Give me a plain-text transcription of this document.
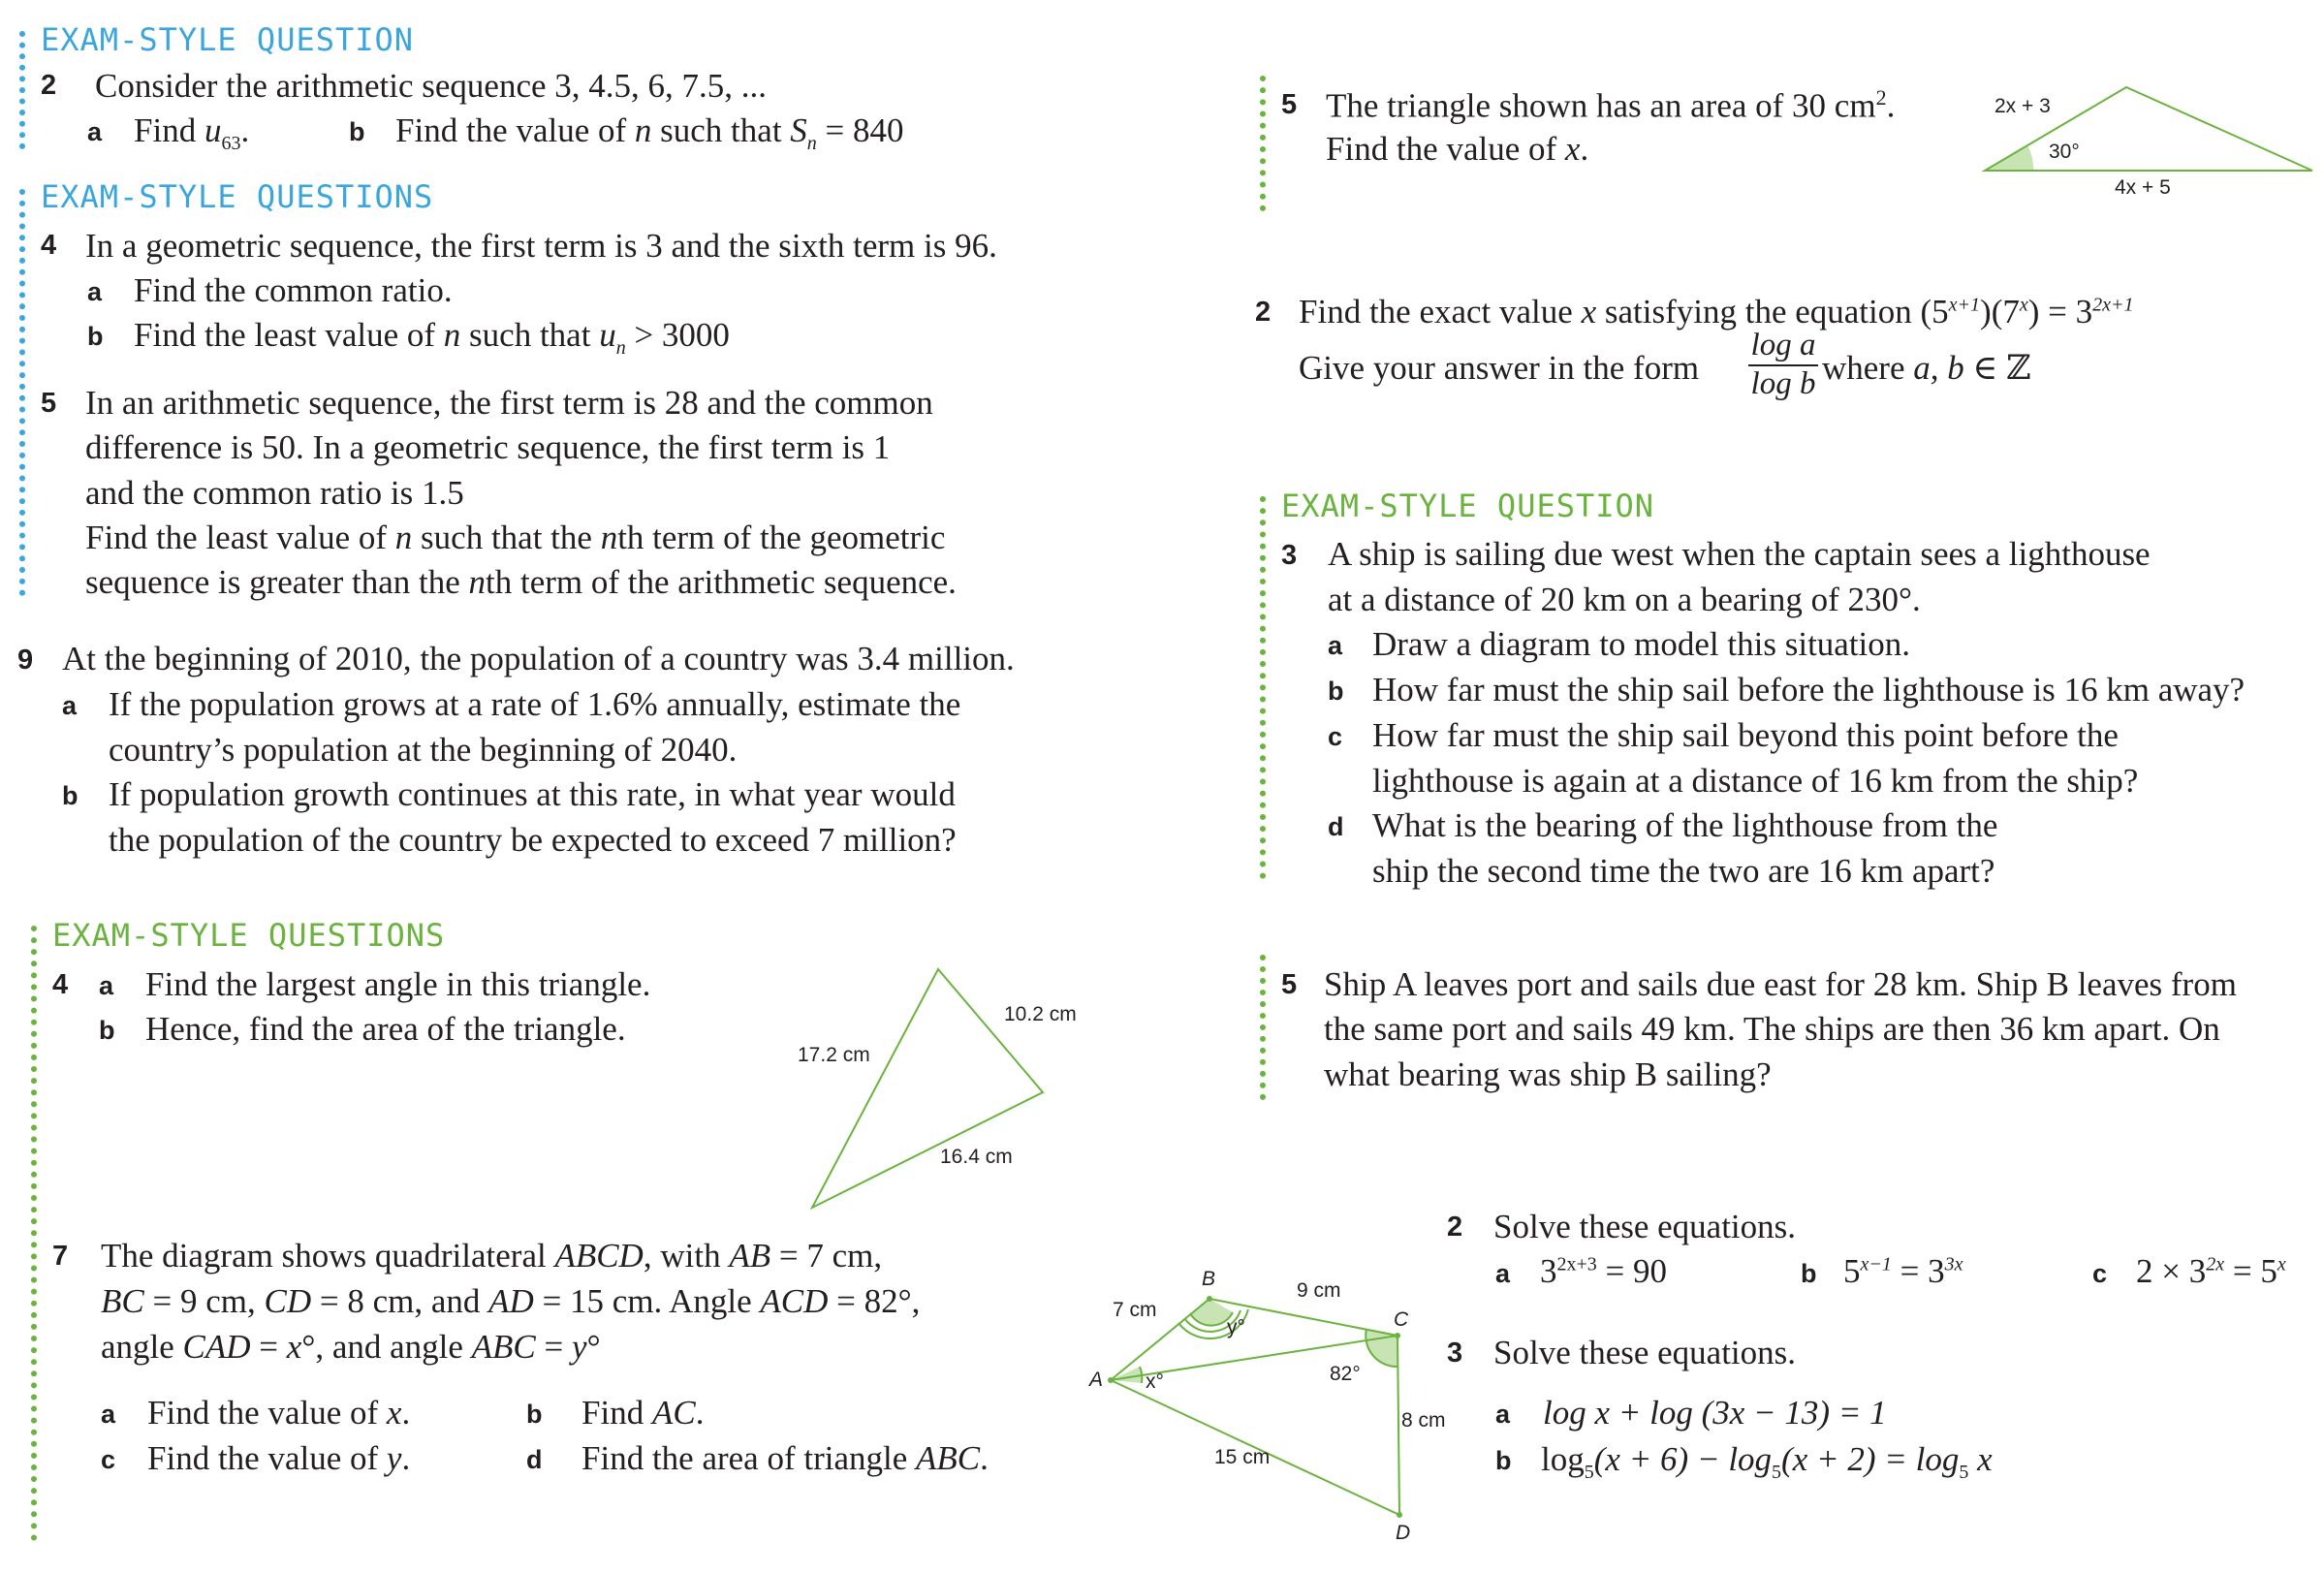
EXAM-STYLE QUESTION
2 Consider the arithmetic sequence 3, 4.5, 6, 7.5, ...
a Find $u_{63}$.	b Find the value of n such that $S_n = 840$
EXAM-STYLE QUESTIONS
4 In a geometric sequence, the first term is 3 and the sixth term is 96.
a Find the common ratio.
b Find the least value of n such that $u_n > 3000$
5 In an arithmetic sequence, the first term is 28 and the common
difference is 50. In a geometric sequence, the first term is 1
and the common ratio is 1.5
Find the least value of n such that the nth term of the geometric
sequence is greater than the nth term of the arithmetic sequence.
9 At the beginning of 2010, the population of a country was 3.4 million.
a If the population grows at a rate of 1.6% annually, estimate the
country’s population at the beginning of 2040.
b If population growth continues at this rate, in what year would
the population of the country be expected to exceed 7 million?
EXAM-STYLE QUESTIONS
4 a Find the largest angle in this triangle.
b Hence, find the area of the triangle.	10.2 cm
17.2 cm
16.4 cm
7 The diagram shows quadrilateral ABCD, with AB = 7 cm,
BC = 9 cm, CD = 8 cm, and AD = 15 cm. Angle ACD = 82°,
angle CAD = x°, and angle ABC = y°
a Find the value of x.	b Find AC.
c Find the value of y.	d Find the area of triangle ABC.
B
A
C
D
7 cm
9 cm
8 cm
15 cm
x°
y°
82°
5 The triangle shown has an area of 30 $cm^2$.
Find the value of x.
2x + 3
30°
4x + 5
2 Find the exact value x satisfying the equation $(5^{x+1})(7^x) = 3^{2x+1}$
Give your answer in the form $\frac{\text{log a}}{\text{log b}}$ where a, b ∈ ℤ
EXAM-STYLE QUESTION
3 A ship is sailing due west when the captain sees a lighthouse
at a distance of 20 km on a bearing of 230°.
a Draw a diagram to model this situation.
b How far must the ship sail before the lighthouse is 16 km away?
c How far must the ship sail beyond this point before the
lighthouse is again at a distance of 16 km from the ship?
d What is the bearing of the lighthouse from the
ship the second time the two are 16 km apart?
5 Ship A leaves port and sails due east for 28 km. Ship B leaves from
the same port and sails 49 km. The ships are then 36 km apart. On
what bearing was ship B sailing?
2 Solve these equations.
a $3^{2x+3} = 90$	b $5^{x-1} = 3^{3x}$	c $2 \times 3^{2x} = 5^x$
3 Solve these equations.
a log x + log (3x − 13) = 1
b $\log_5(x + 6) - \log_5(x + 2) = \log_5 x$
